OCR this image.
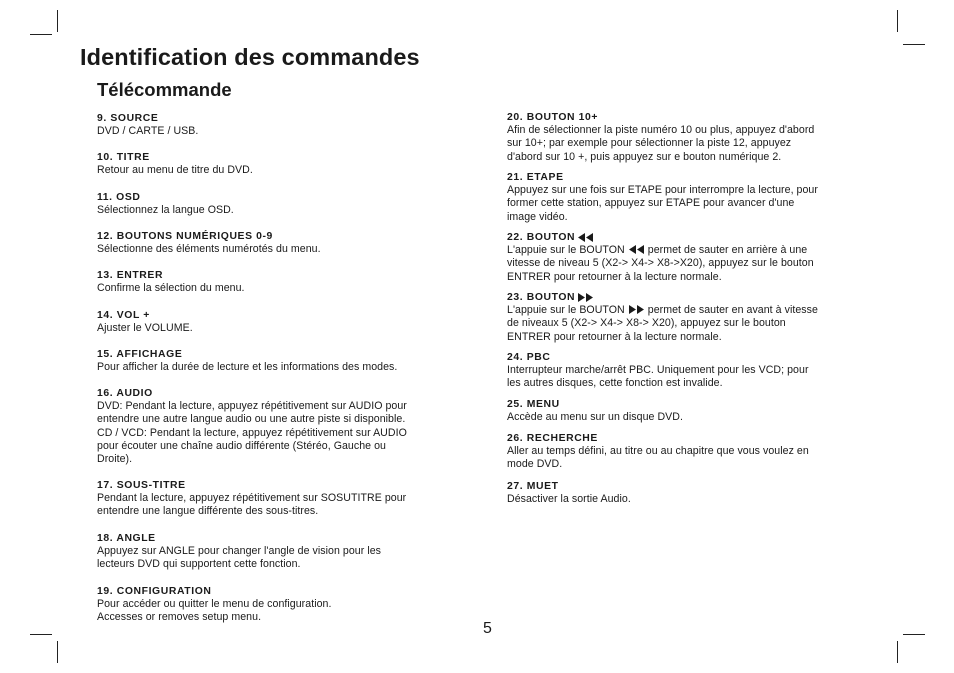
Identification des commandes
Télécommande
9. SOURCE
DVD / CARTE / USB.
10. TITRE
Retour au menu de titre du DVD.
11. OSD
Sélectionnez la langue OSD.
12. BOUTONS NUMÉRIQUES 0-9
Sélectionne des éléments numérotés du menu.
13. ENTRER
Confirme la sélection du menu.
14. VOL +
Ajuster le VOLUME.
15. AFFICHAGE
Pour afficher la durée de lecture et les informations des modes.
16. AUDIO
DVD: Pendant la lecture, appuyez répétitivement sur AUDIO pour
entendre une autre langue audio ou une autre piste si disponible.
CD / VCD: Pendant la lecture, appuyez répétitivement sur AUDIO
pour écouter une chaîne audio différente (Stéréo, Gauche ou
Droite).
17. SOUS-TITRE
Pendant la lecture, appuyez répétitivement sur SOSUTITRE pour
entendre une langue différente des sous-titres.
18. ANGLE
Appuyez sur ANGLE pour changer l'angle de vision pour les
lecteurs DVD qui supportent cette fonction.
19. CONFIGURATION
Pour accéder ou quitter le menu de configuration.
Accesses or removes setup menu.
20. BOUTON 10+
Afin de sélectionner la piste numéro 10 ou plus, appuyez d'abord
sur 10+; par exemple pour sélectionner la piste 12, appuyez
d'abord sur 10 +, puis appuyez sur e bouton numérique 2.
21. ETAPE
Appuyez sur une fois sur ETAPE pour interrompre la lecture, pour
former cette station, appuyez sur ETAPE pour avancer d'une
image vidéo.
22. BOUTON
L'appuie sur le BOUTON permet de sauter en arrière à une
vitesse de niveau 5 (X2-> X4-> X8->X20), appuyez sur le bouton
ENTRER pour retourner à la lecture normale.
23. BOUTON
L'appuie sur le BOUTON permet de sauter en avant à vitesse
de niveaux 5 (X2-> X4-> X8-> X20), appuyez sur le bouton
ENTRER pour retourner à la lecture normale.
24. PBC
Interrupteur marche/arrêt PBC. Uniquement pour les VCD; pour
les autres disques, cette fonction est invalide.
25. MENU
Accède au menu sur un disque DVD.
26. RECHERCHE
Aller au temps défini, au titre ou au chapitre que vous voulez en
mode DVD.
27. MUET
Désactiver la sortie Audio.
5
